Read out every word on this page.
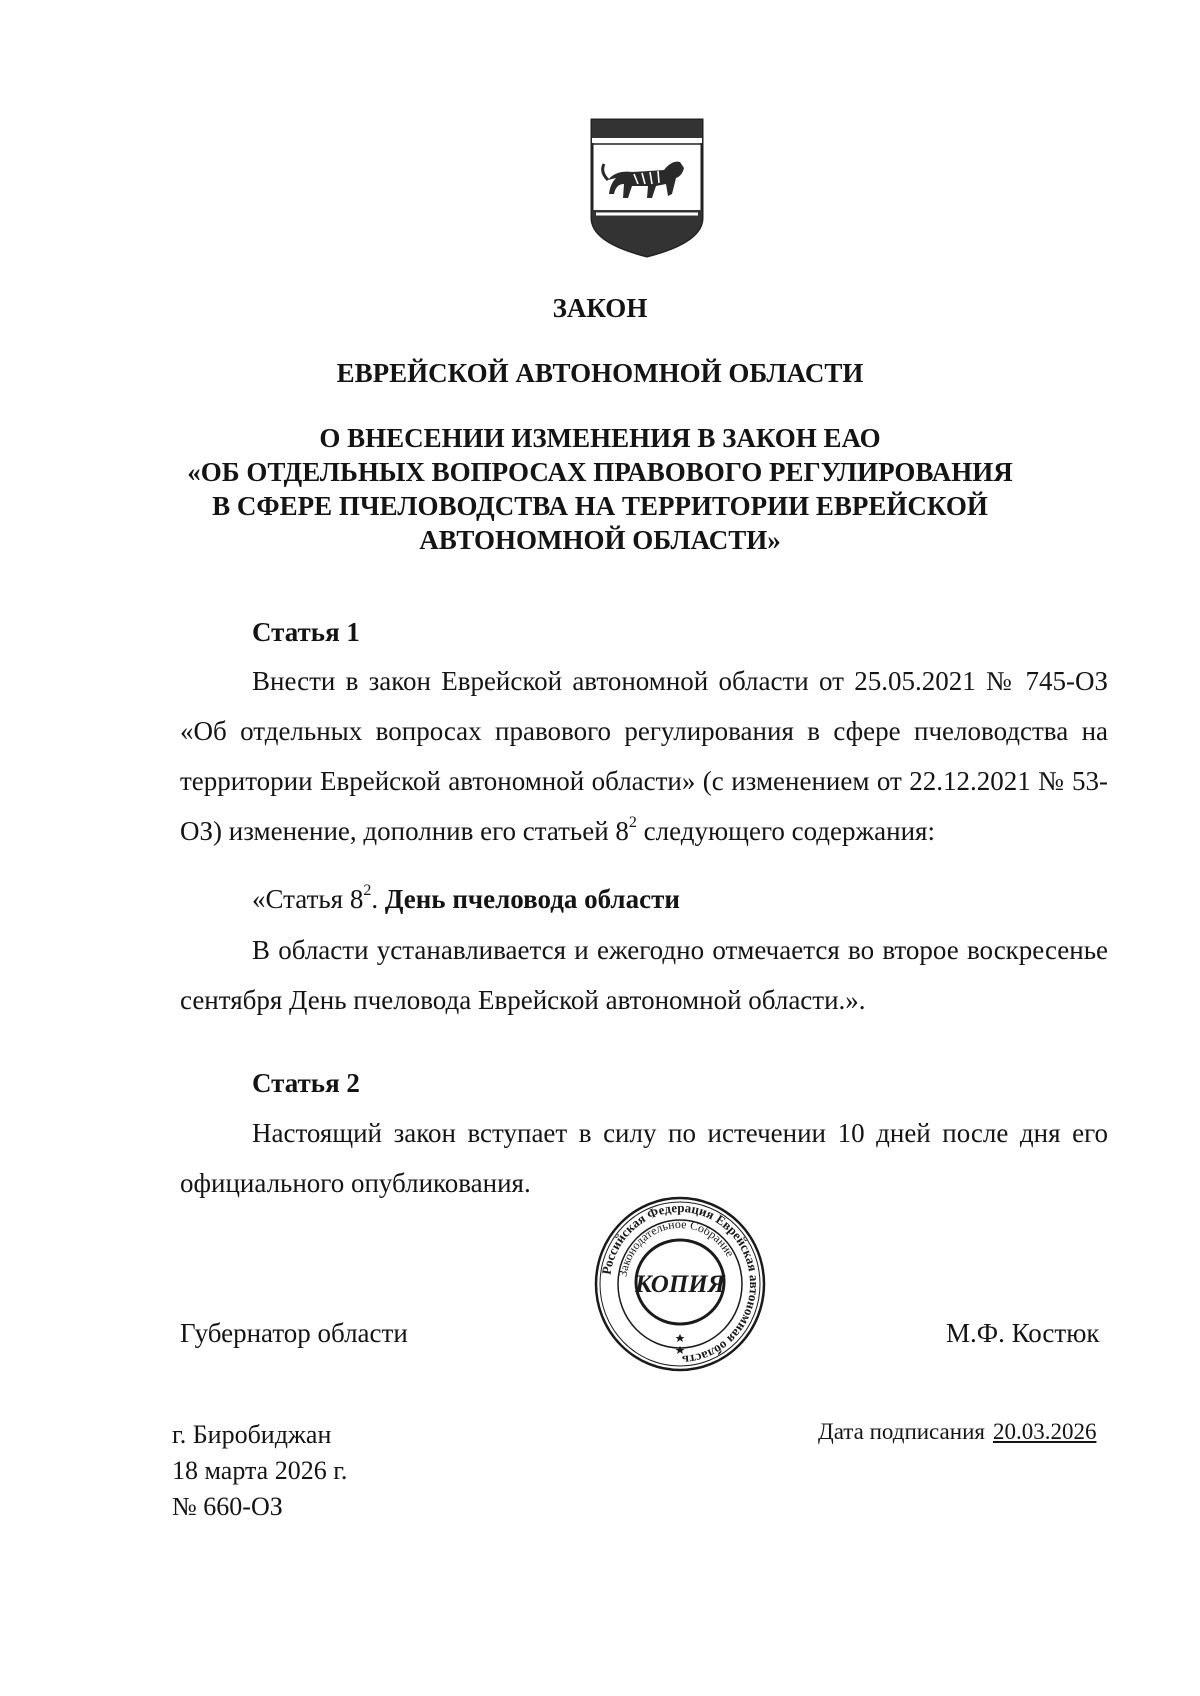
ЗАКОН
ЕВРЕЙСКОЙ АВТОНОМНОЙ ОБЛАСТИ
О ВНЕСЕНИИ ИЗМЕНЕНИЯ В ЗАКОН ЕАО
«ОБ ОТДЕЛЬНЫХ ВОПРОСАХ ПРАВОВОГО РЕГУЛИРОВАНИЯ
В СФЕРЕ ПЧЕЛОВОДСТВА НА ТЕРРИТОРИИ ЕВРЕЙСКОЙ
АВТОНОМНОЙ ОБЛАСТИ»
Статья 1
Внести в закон Еврейской автономной области от 25.05.2021 № 745-ОЗ «Об отдельных вопросах правового регулирования в сфере пчеловодства на территории Еврейской автономной области» (с изменением от 22.12.2021 № 53-ОЗ) изменение, дополнив его статьей $8^2$ следующего содержания:
«Статья $8^2$. День пчеловода области
В области устанавливается и ежегодно отмечается во второе воскресенье сентября День пчеловода Еврейской автономной области.».
Статья 2
Настоящий закон вступает в силу по истечении 10 дней после дня его официального опубликования.
Российская Федерация Еврейская автономная область
Законодательное Собрание
КОПИЯ
Губернатор области	М.Ф. Костюк
г. Биробиджан
18 марта 2026 г.
№ 660-ОЗ
Дата подписания 20.03.2026
